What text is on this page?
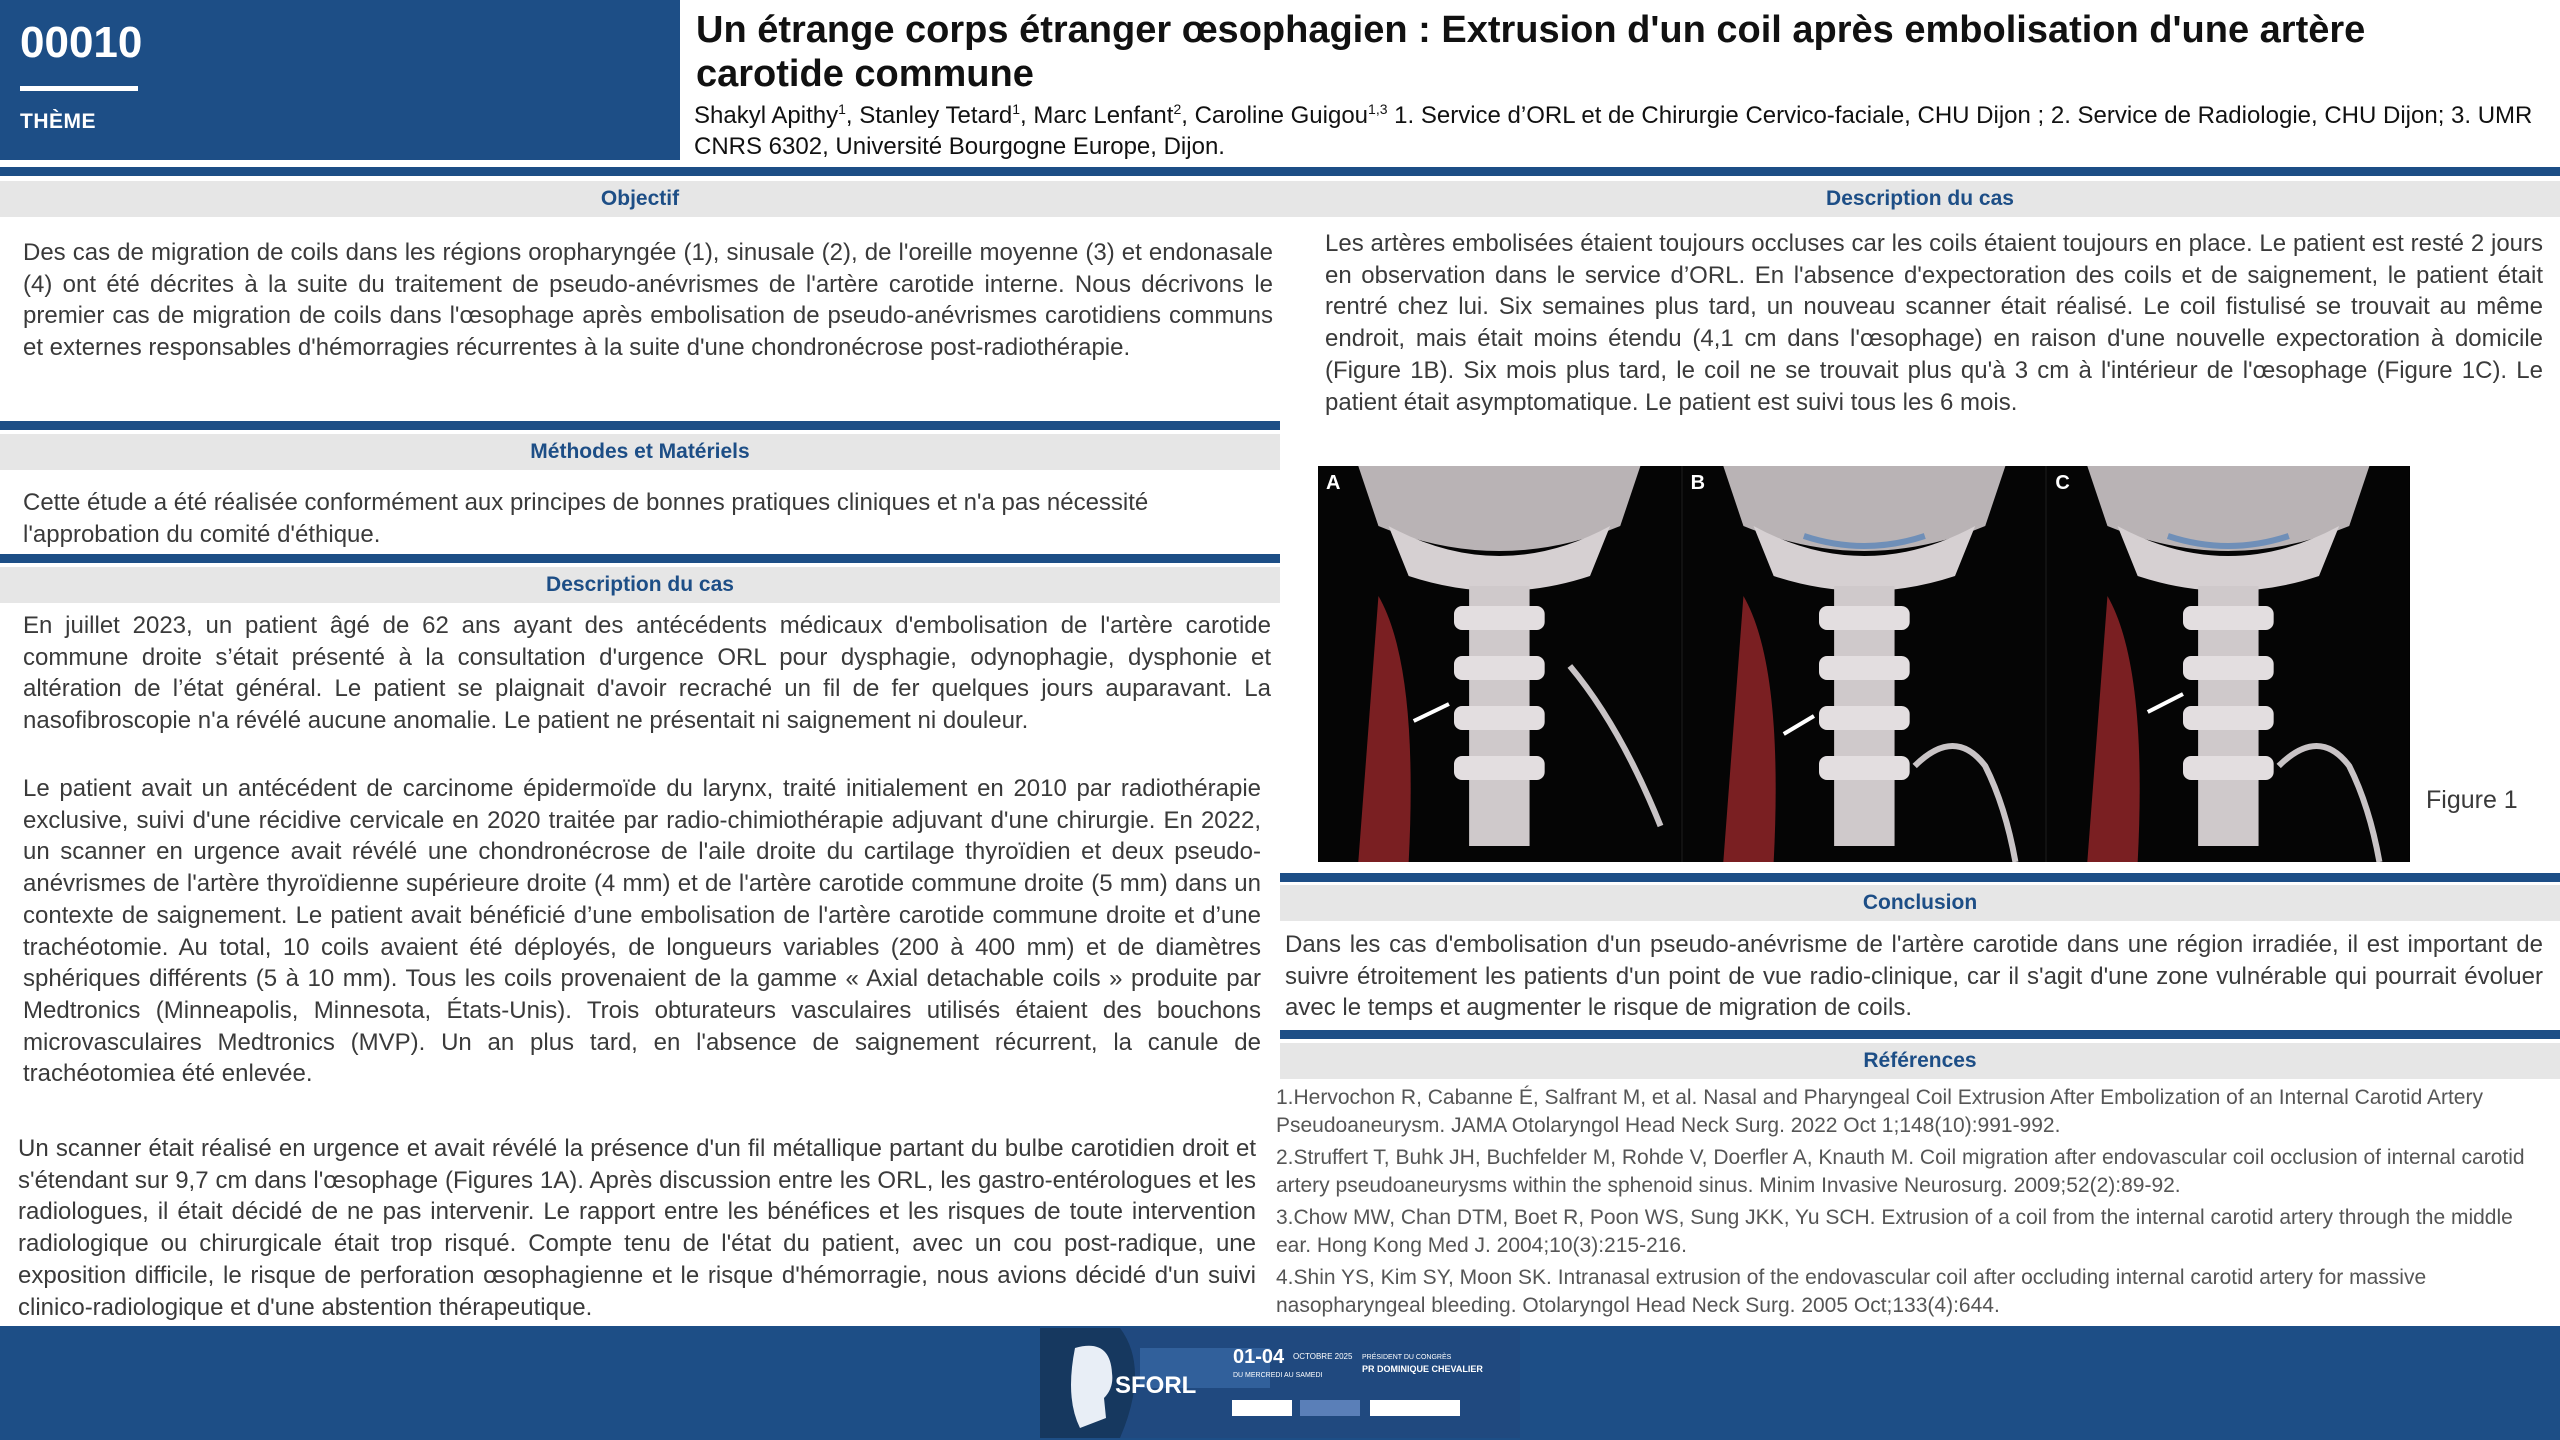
00010
THÈME
Un étrange corps étranger œsophagien : Extrusion d'un coil après embolisation d'une artère carotide commune
Shakyl Apithy$^1$, Stanley Tetard$^1$, Marc Lenfant$^2$, Caroline Guigou$^{1,3}$ 1. Service d’ORL et de Chirurgie Cervico-faciale, CHU Dijon ; 2. Service de Radiologie, CHU Dijon; 3. UMR CNRS 6302, Université Bourgogne Europe, Dijon.
Objectif
Des cas de migration de coils dans les régions oropharyngée (1), sinusale (2), de l'oreille moyenne (3) et endonasale (4) ont été décrites à la suite du traitement de pseudo-anévrismes de l'artère carotide interne. Nous décrivons le premier cas de migration de coils dans l'œsophage après embolisation de pseudo-anévrismes carotidiens communs et externes responsables d'hémorragies récurrentes à la suite d'une chondronécrose post-radiothérapie.
Méthodes et Matériels
Cette étude a été réalisée conformément aux principes de bonnes pratiques cliniques et n'a pas nécessité l'approbation du comité d'éthique.
Description du cas
En juillet 2023, un patient âgé de 62 ans ayant des antécédents médicaux d'embolisation de l'artère carotide commune droite s’était présenté à la consultation d'urgence ORL pour dysphagie, odynophagie, dysphonie et altération de l’état général. Le patient se plaignait d'avoir recraché un fil de fer quelques jours auparavant. La nasofibroscopie n'a révélé aucune anomalie. Le patient ne présentait ni saignement ni douleur.
Le patient avait un antécédent de carcinome épidermoïde du larynx, traité initialement en 2010 par radiothérapie exclusive, suivi d'une récidive cervicale en 2020 traitée par radio-chimiothérapie adjuvant d'une chirurgie. En 2022, un scanner en urgence avait révélé une chondronécrose de l'aile droite du cartilage thyroïdien et deux pseudo-anévrismes de l'artère thyroïdienne supérieure droite (4 mm) et de l'artère carotide commune droite (5 mm) dans un contexte de saignement. Le patient avait bénéficié d’une embolisation de l'artère carotide commune droite et d’une trachéotomie. Au total, 10 coils avaient été déployés, de longueurs variables (200 à 400 mm) et de diamètres sphériques différents (5 à 10 mm). Tous les coils provenaient de la gamme « Axial detachable coils » produite par Medtronics (Minneapolis, Minnesota, États-Unis). Trois obturateurs vasculaires utilisés étaient des bouchons microvasculaires Medtronics (MVP). Un an plus tard, en l'absence de saignement récurrent, la canule de trachéotomiea été enlevée.
Un scanner était réalisé en urgence et avait révélé la présence d'un fil métallique partant du bulbe carotidien droit et s'étendant sur 9,7 cm dans l'œsophage (Figures 1A). Après discussion entre les ORL, les gastro-entérologues et les radiologues, il était décidé de ne pas intervenir. Le rapport entre les bénéfices et les risques de toute intervention radiologique ou chirurgicale était trop risqué. Compte tenu de l'état du patient, avec un cou post-radique, une exposition difficile, le risque de perforation œsophagienne et le risque d'hémorragie, nous avions décidé d'un suivi clinico-radiologique et d'une abstention thérapeutique.
Description du cas
Les artères embolisées étaient toujours occluses car les coils étaient toujours en place. Le patient est resté 2 jours en observation dans le service d’ORL. En l'absence d'expectoration des coils et de saignement, le patient était rentré chez lui. Six semaines plus tard, un nouveau scanner était réalisé. Le coil fistulisé se trouvait au même endroit, mais était moins étendu (4,1 cm dans l'œsophage) en raison d'une nouvelle expectoration à domicile (Figure 1B). Six mois plus tard, le coil ne se trouvait plus qu'à 3 cm à l'intérieur de l'œsophage (Figure 1C). Le patient était asymptomatique. Le patient est suivi tous les 6 mois.
A	B	C
Figure 1
Conclusion
Dans les cas d'embolisation d'un pseudo-anévrisme de l'artère carotide dans une région irradiée, il est important de suivre étroitement les patients d'un point de vue radio-clinique, car il s'agit d'une zone vulnérable qui pourrait évoluer avec le temps et augmenter le risque de migration de coils.
Références

1.Hervochon R, Cabanne É, Salfrant M, et al. Nasal and Pharyngeal Coil Extrusion After Embolization of an Internal Carotid Artery Pseudoaneurysm. JAMA Otolaryngol Head Neck Surg. 2022 Oct 1;148(10):991-992.

2.Struffert T, Buhk JH, Buchfelder M, Rohde V, Doerfler A, Knauth M. Coil migration after endovascular coil occlusion of internal carotid artery pseudoaneurysms within the sphenoid sinus. Minim Invasive Neurosurg. 2009;52(2):89-92.

3.Chow MW, Chan DTM, Boet R, Poon WS, Sung JKK, Yu SCH. Extrusion of a coil from the internal carotid artery through the middle ear. Hong Kong Med J. 2004;10(3):215-216.

4.Shin YS, Kim SY, Moon SK. Intranasal extrusion of the endovascular coil after occluding internal carotid artery for massive nasopharyngeal bleeding. Otolaryngol Head Neck Surg. 2005 Oct;133(4):644.

SFORL
01-04 OCTOBRE 2025
DU MERCREDI AU SAMEDI
PRÉSIDENT DU CONGRÈS
PR DOMINIQUE CHEVALIER
